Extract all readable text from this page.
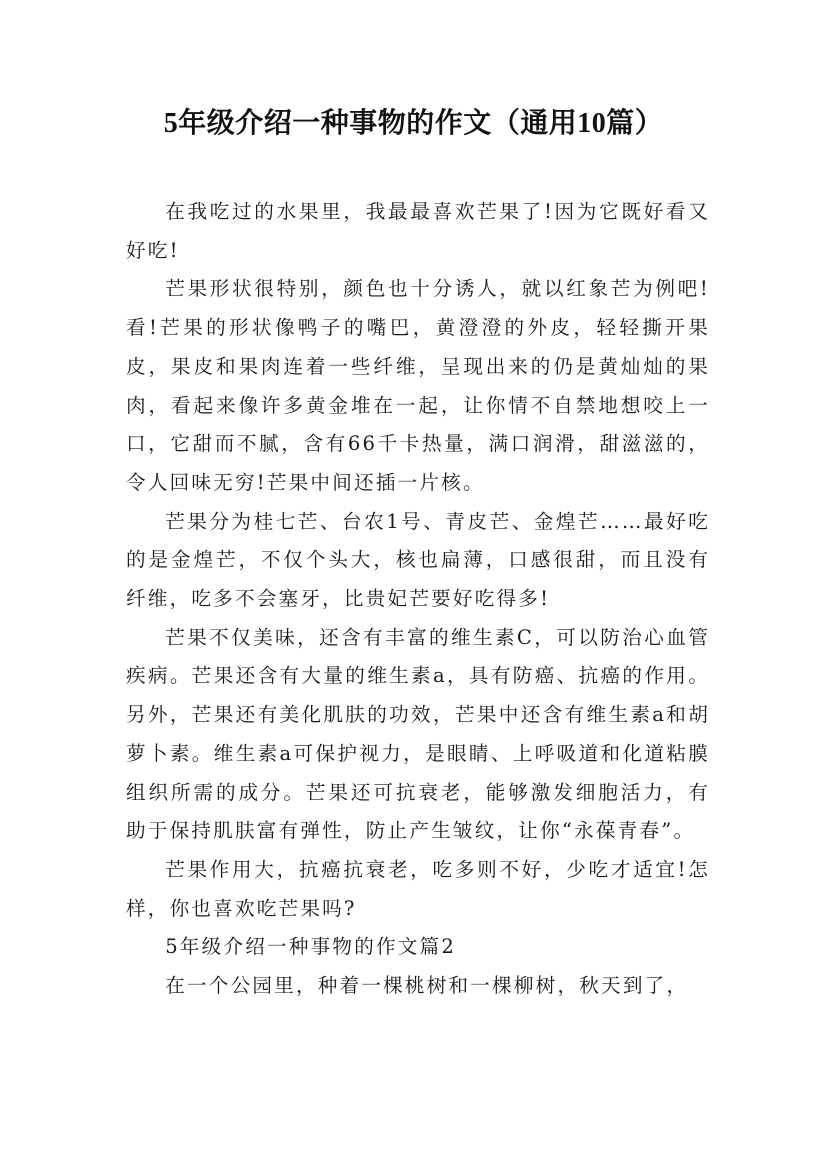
5年级介绍一种事物的作文（通用10篇）

在我吃过的水果里，我最最喜欢芒果了!因为它既好看又好吃!

芒果形状很特别，颜色也十分诱人，就以红象芒为例吧!看!芒果的形状像鸭子的嘴巴，黄澄澄的外皮，轻轻撕开果皮，果皮和果肉连着一些纤维，呈现出来的仍是黄灿灿的果肉，看起来像许多黄金堆在一起，让你情不自禁地想咬上一口，它甜而不腻，含有66千卡热量，满口润滑，甜滋滋的，令人回味无穷!芒果中间还插一片核。

芒果分为桂七芒、台农1号、青皮芒、金煌芒……最好吃的是金煌芒，不仅个头大，核也扁薄，口感很甜，而且没有纤维，吃多不会塞牙，比贵妃芒要好吃得多!

芒果不仅美味，还含有丰富的维生素C，可以防治心血管疾病。芒果还含有大量的维生素a，具有防癌、抗癌的作用。另外，芒果还有美化肌肤的功效，芒果中还含有维生素a和胡萝卜素。维生素a可保护视力，是眼睛、上呼吸道和化道粘膜组织所需的成分。芒果还可抗衰老，能够激发细胞活力，有助于保持肌肤富有弹性，防止产生皱纹，让你“永葆青春”。

芒果作用大，抗癌抗衰老，吃多则不好，少吃才适宜!怎样，你也喜欢吃芒果吗?

5年级介绍一种事物的作文篇2

在一个公园里，种着一棵桃树和一棵柳树，秋天到了，
